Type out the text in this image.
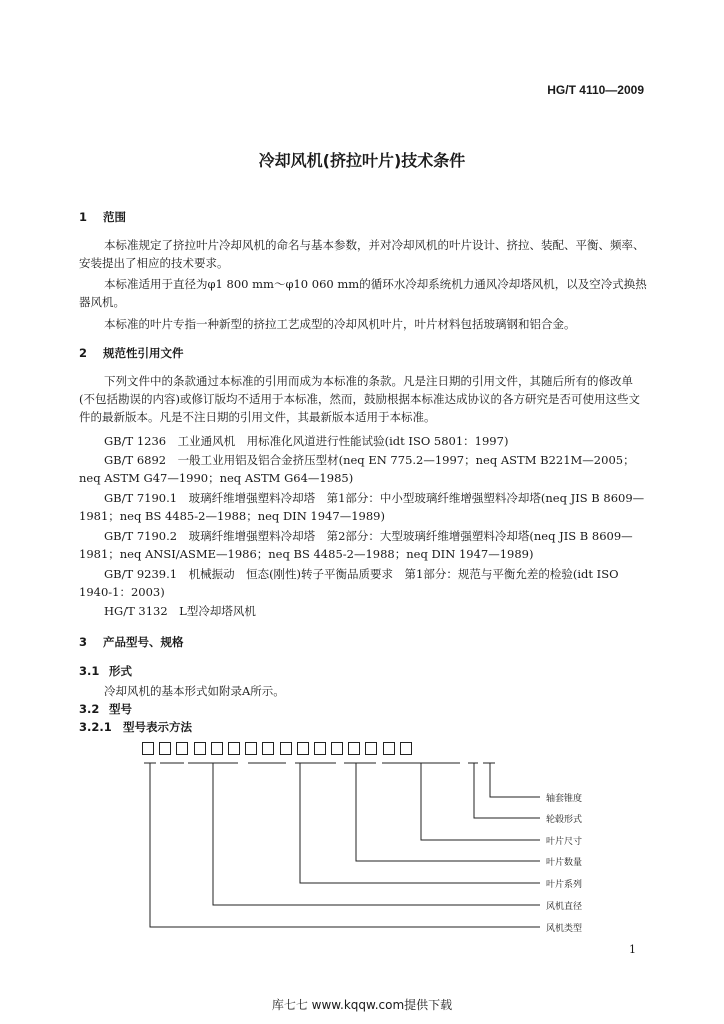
HG/T 4110—2009
冷却风机(挤拉叶片)技术条件
1 范围
本标准规定了挤拉叶片冷却风机的命名与基本参数，并对冷却风机的叶片设计、挤拉、装配、平衡、频率、安装提出了相应的技术要求。
本标准适用于直径为φ1 800 mm～φ10 060 mm的循环水冷却系统机力通风冷却塔风机，以及空冷式换热器风机。
本标准的叶片专指一种新型的挤拉工艺成型的冷却风机叶片，叶片材料包括玻璃钢和铝合金。
2 规范性引用文件
下列文件中的条款通过本标准的引用而成为本标准的条款。凡是注日期的引用文件，其随后所有的修改单(不包括勘误的内容)或修订版均不适用于本标准，然而，鼓励根据本标准达成协议的各方研究是否可使用这些文件的最新版本。凡是不注日期的引用文件，其最新版本适用于本标准。
GB/T 1236　工业通风机　用标准化风道进行性能试验(idt ISO 5801：1997)
GB/T 6892　一般工业用铝及铝合金挤压型材(neq EN 775.2—1997；neq ASTM B221M—2005；neq ASTM G47—1990；neq ASTM G64—1985)
GB/T 7190.1　玻璃纤维增强塑料冷却塔　第1部分：中小型玻璃纤维增强塑料冷却塔(neq JIS B 8609—1981；neq BS 4485-2—1988；neq DIN 1947—1989)
GB/T 7190.2　玻璃纤维增强塑料冷却塔　第2部分：大型玻璃纤维增强塑料冷却塔(neq JIS B 8609—1981；neq ANSI/ASME—1986；neq BS 4485-2—1988；neq DIN 1947—1989)
GB/T 9239.1　机械振动　恒态(刚性)转子平衡品质要求　第1部分：规范与平衡允差的检验(idt ISO 1940-1：2003)
HG/T 3132　L型冷却塔风机
3 产品型号、规格
3.1 形式
冷却风机的基本形式如附录A所示。
3.2 型号
3.2.1 型号表示方法
轴套锥度
轮毂形式
叶片尺寸
叶片数量
叶片系列
风机直径
风机类型
1
库七七 www.kqqw.com提供下载
